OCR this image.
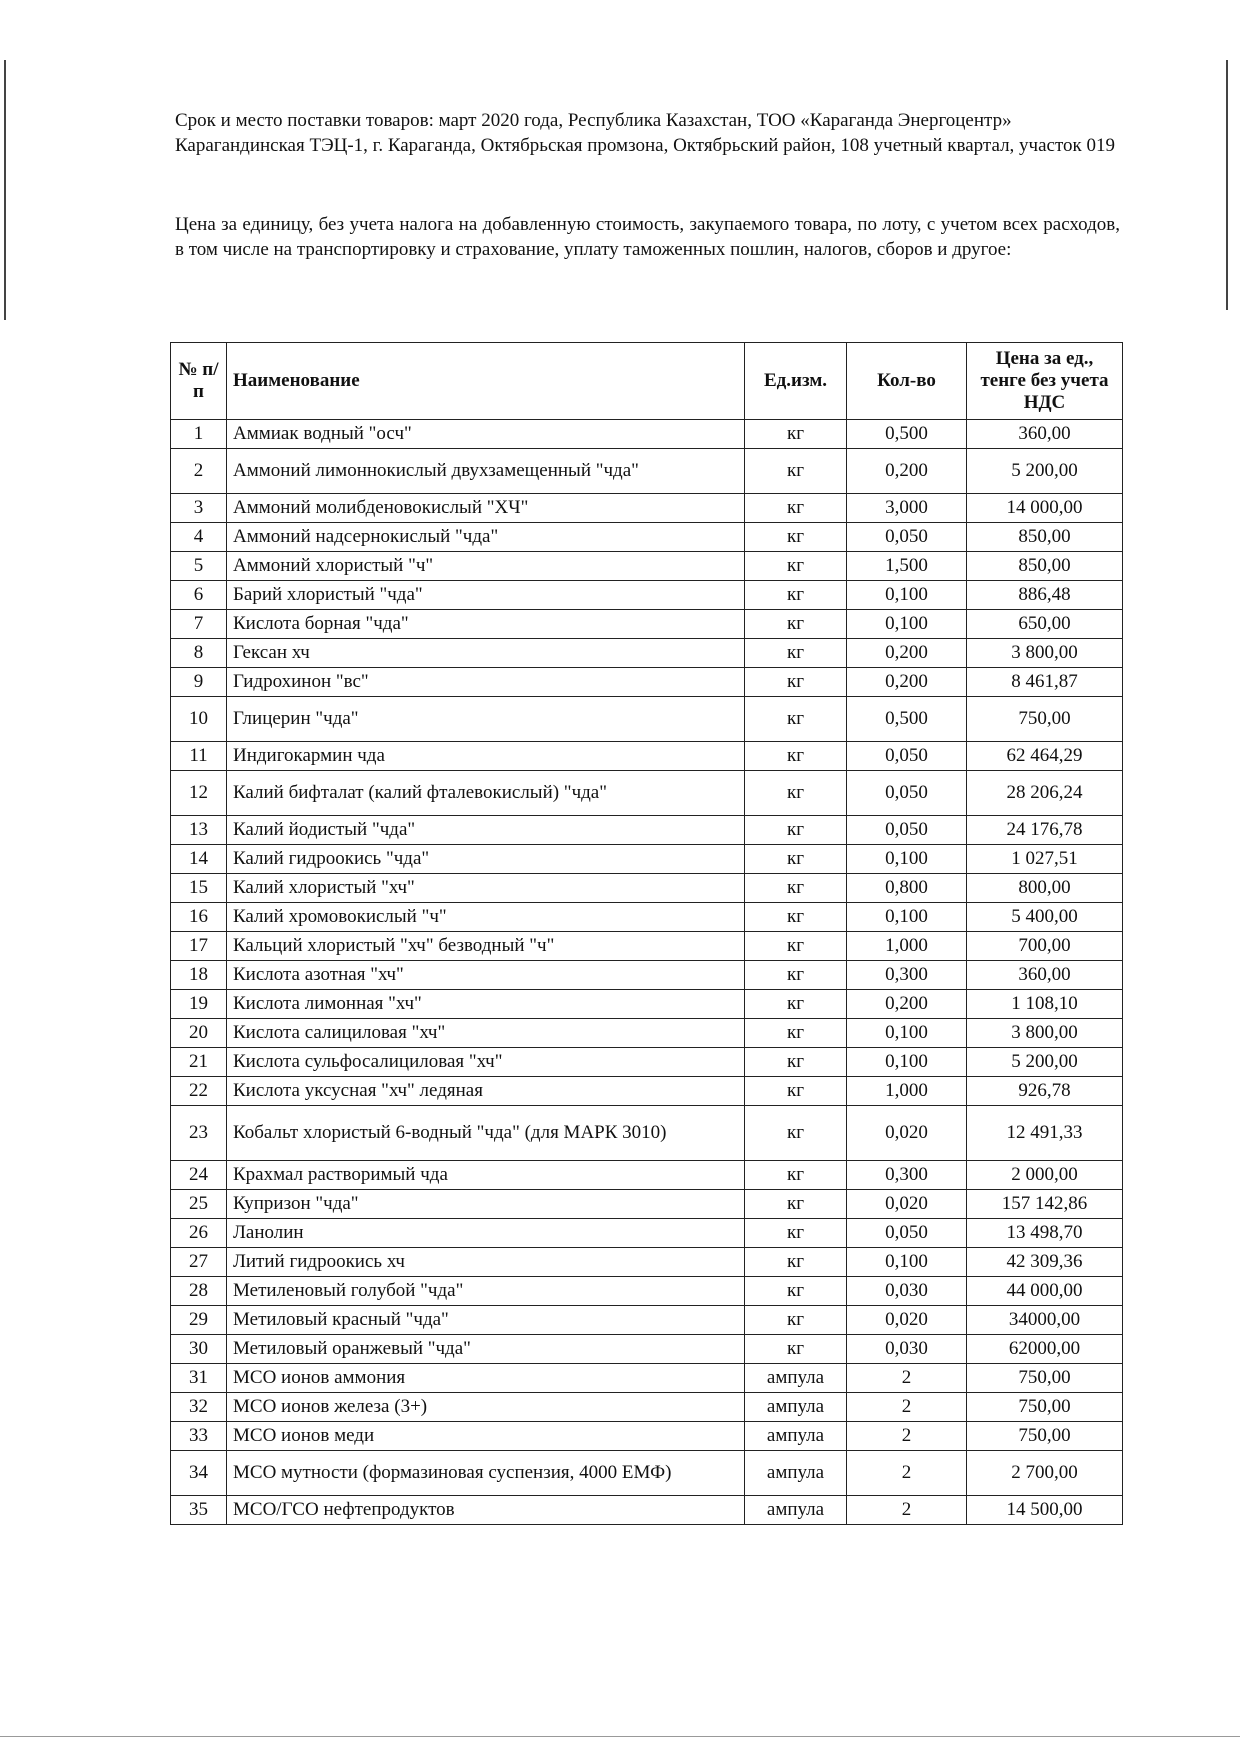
Срок и место поставки товаров: март 2020 года, Республика Казахстан, ТОО «Караганда Энергоцентр» Карагандинская ТЭЦ-1, г. Караганда, Октябрьская промзона, Октябрьский район, 108 учетный квартал, участок 019

Цена за единицу, без учета налога на добавленную стоимость, закупаемого товара, по лоту, с учетом всех расходов, в том числе на транспортировку и страхование, уплату таможенных пошлин, налогов, сборов и другое:

№ п/п	Наименование	Ед.изм.	Кол-во	Цена за ед., тенге без учета НДС
1	Аммиак водный "осч"	кг	0,500	360,00
2	Аммоний лимоннокислый двухзамещенный "чда"	кг	0,200	5 200,00
3	Аммоний молибденовокислый "ХЧ"	кг	3,000	14 000,00
4	Аммоний надсернокислый "чда"	кг	0,050	850,00
5	Аммоний хлористый "ч"	кг	1,500	850,00
6	Барий хлористый "чда"	кг	0,100	886,48
7	Кислота борная "чда"	кг	0,100	650,00
8	Гексан хч	кг	0,200	3 800,00
9	Гидрохинон "вс"	кг	0,200	8 461,87
10	Глицерин "чда"	кг	0,500	750,00
11	Индигокармин чда	кг	0,050	62 464,29
12	Калий бифталат (калий фталевокислый) "чда"	кг	0,050	28 206,24
13	Калий йодистый "чда"	кг	0,050	24 176,78
14	Калий гидроокись "чда"	кг	0,100	1 027,51
15	Калий хлористый "хч"	кг	0,800	800,00
16	Калий хромовокислый "ч"	кг	0,100	5 400,00
17	Кальций хлористый "хч" безводный "ч"	кг	1,000	700,00
18	Кислота азотная "хч"	кг	0,300	360,00
19	Кислота лимонная "хч"	кг	0,200	1 108,10
20	Кислота салициловая "хч"	кг	0,100	3 800,00
21	Кислота сульфосалициловая "хч"	кг	0,100	5 200,00
22	Кислота уксусная "хч" ледяная	кг	1,000	926,78
23	Кобальт хлористый 6-водный "чда" (для МАРК 3010)	кг	0,020	12 491,33
24	Крахмал растворимый чда	кг	0,300	2 000,00
25	Купризон "чда"	кг	0,020	157 142,86
26	Ланолин	кг	0,050	13 498,70
27	Литий гидроокись хч	кг	0,100	42 309,36
28	Метиленовый голубой "чда"	кг	0,030	44 000,00
29	Метиловый красный "чда"	кг	0,020	34000,00
30	Метиловый оранжевый "чда"	кг	0,030	62000,00
31	МСО ионов аммония	ампула	2	750,00
32	МСО ионов железа (3+)	ампула	2	750,00
33	МСО ионов меди	ампула	2	750,00
34	МСО мутности (формазиновая суспензия, 4000 ЕМФ)	ампула	2	2 700,00
35	МСО/ГСО нефтепродуктов	ампула	2	14 500,00
